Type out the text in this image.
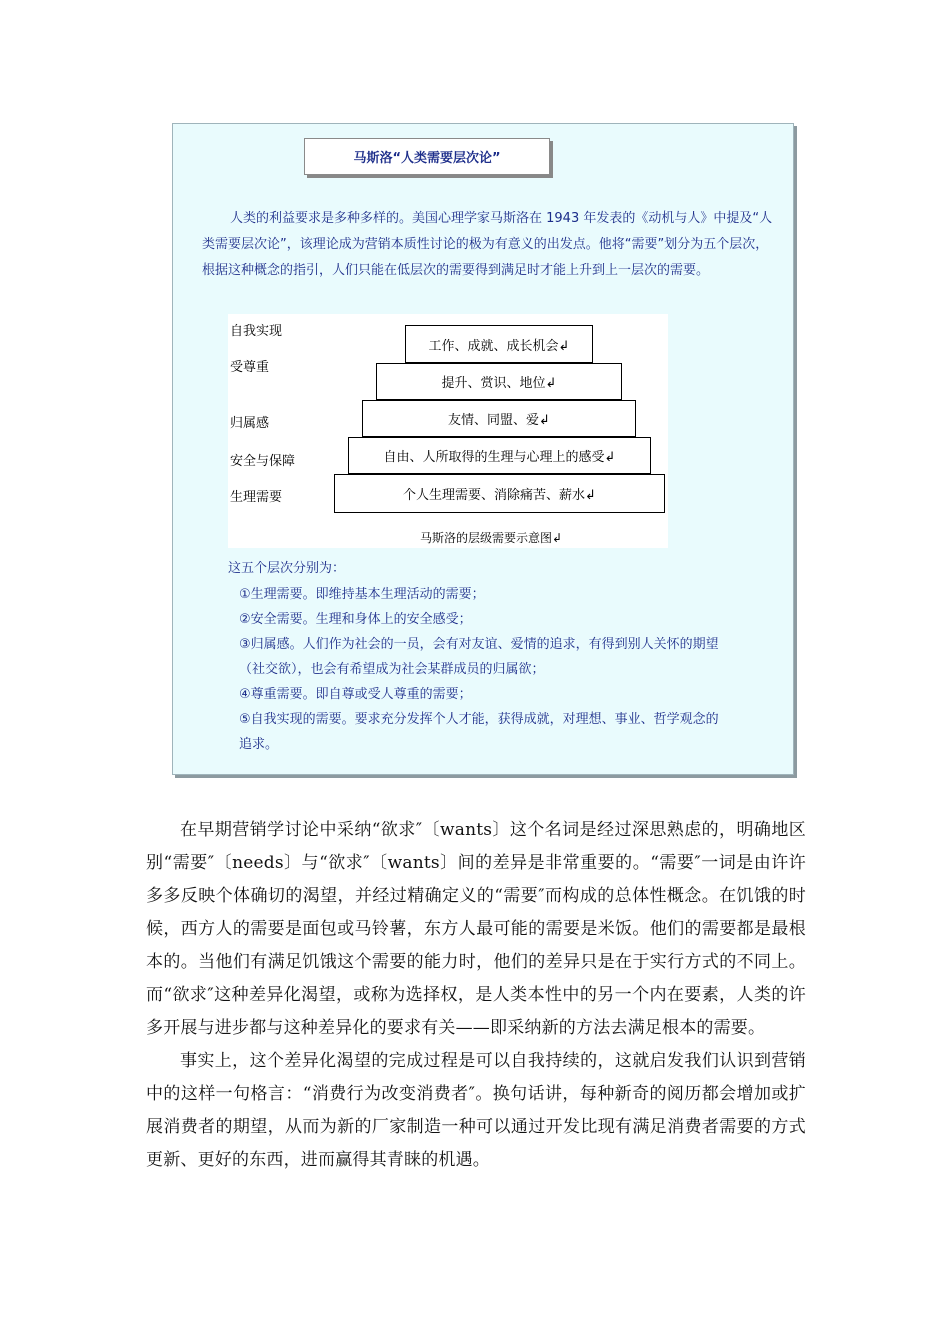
马斯洛“人类需要层次论”

人类的利益要求是多种多样的。美国心理学家马斯洛在 1943 年发表的《动机与人》中提及“人类需要层次论”，该理论成为营销本质性讨论的极为有意义的出发点。他将“需要”划分为五个层次，根据这种概念的指引，人们只能在低层次的需要得到满足时才能上升到上一层次的需要。

自我实现
受尊重
归属感
安全与保障
生理需要
工作、成就、成长机会↲
提升、赏识、地位↲
友情、同盟、爱↲
自由、人所取得的生理与心理上的感受↲
个人生理需要、消除痛苦、薪水↲
马斯洛的层级需要示意图↲

这五个层次分别为：

①生理需要。即维持基本生理活动的需要；
②安全需要。生理和身体上的安全感受；
③归属感。人们作为社会的一员，会有对友谊、爱情的追求，有得到别人关怀的期望
（社交欲），也会有希望成为社会某群成员的归属欲；
④尊重需要。即自尊或受人尊重的需要；
⑤自我实现的需要。要求充分发挥个人才能，获得成就，对理想、事业、哲学观念的
追求。

在早期营销学讨论中采纳“欲求″〔wants〕这个名词是经过深思熟虑的，明确地区别“需要″〔needs〕与“欲求″〔wants〕间的差异是非常重要的。“需要″一词是由许许多多反映个体确切的渴望，并经过精确定义的“需要″而构成的总体性概念。在饥饿的时候，西方人的需要是面包或马铃薯，东方人最可能的需要是米饭。他们的需要都是最根本的。当他们有满足饥饿这个需要的能力时，他们的差异只是在于实行方式的不同上。而“欲求″这种差异化渴望，或称为选择权，是人类本性中的另一个内在要素，人类的许多开展与进步都与这种差异化的要求有关——即采纳新的方法去满足根本的需要。

事实上，这个差异化渴望的完成过程是可以自我持续的，这就启发我们认识到营销中的这样一句格言：“消费行为改变消费者″。换句话讲，每种新奇的阅历都会增加或扩展消费者的期望，从而为新的厂家制造一种可以通过开发比现有满足消费者需要的方式更新、更好的东西，进而赢得其青睐的机遇。
